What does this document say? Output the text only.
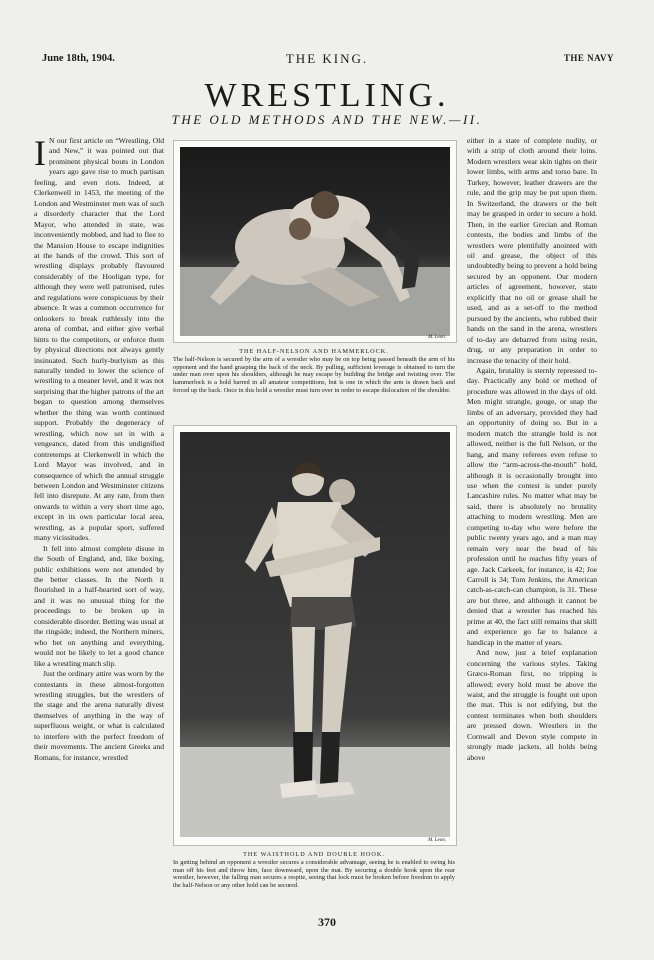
June 18th, 1904.	THE KING.	THE NAVY
WRESTLING.
THE OLD METHODS AND THE NEW.—II.

I N our first article on “Wrestling, Old and New,” it was pointed out that prominent physical bouts in London years ago gave rise to much partisan feeling, and even riots. Indeed, at Clerkenwell in 1453, the meeting of the London and Westminster men was of such a disorderly character that the Lord Mayor, who attended in state, was inconveniently mobbed, and had to flee to the Mansion House to escape indignities at the hands of the crowd. This sort of wrestling displays probably flavoured considerably of the Hooligan type, for although they were well patronised, rules and regulations were conspicuous by their absence. It was a common occurrence for onlookers to break ruthlessly into the arena of combat, and either give verbal hints to the competitors, or enforce them by physical directions not always gently insinuated. Such hurly-burlyism as this naturally tended to lower the science of wrestling to a meaner level, and it was not surprising that the higher patrons of the art began to question among themselves whether the thing was worth continued support. Probably the degeneracy of wrestling, which now set in with a vengeance, dated from this undignified contretemps at Clerkenwell in which the Lord Mayor was involved, and in consequence of which the annual struggle between London and Westminster citizens fell into disrepute. At any rate, from then onwards to within a very short time ago, except in its own particular local area, wrestling, as a popular sport, suffered many vicissitudes.

It fell into almost complete disuse in the South of England, and, like boxing, public exhibitions were not attended by the better classes. In the North it flourished in a half-hearted sort of way, and it was no unusual thing for the proceedings to be broken up in considerable disorder. Betting was usual at the ringside; indeed, the Northern miners, who bet on anything and everything, would not be likely to let a good chance like a wrestling match slip.

Just the ordinary attire was worn by the contestants in these almost-forgotten wrestling struggles, but the wrestlers of the stage and the arena naturally divest themselves of anything in the way of superfluous weight, or what is calculated to interfere with the perfect freedom of their movements. The ancient Greeks and Romans, for instance, wrestled

M. Leon.
THE HALF-NELSON AND HAMMERLOCK.
The half-Nelson is secured by the arm of a wrestler who may be on top being passed beneath the arm of his opponent and the hand grasping the back of the neck. By pulling, sufficient leverage is obtained to turn the under man over upon his shoulders, although he may escape by building the bridge and twisting over. The hammerlock is a hold barred in all amateur competitions, but is one in which the arm is drawn back and forced up the back. Once in this hold a wrestler must turn over in order to escape dislocation of the shoulder.
M. Leon.
THE WAISTHOLD AND DOUBLE HOOK.
In getting behind an opponent a wrestler secures a considerable advantage, seeing he is enabled to swing his man off his feet and throw him, face downward, upon the mat. By securing a double hook upon the rear wrestler, however, the falling man secures a respite, seeing that lock must be broken before freedom to apply the half-Nelson or any other hold can be secured.

either in a state of complete nudity, or with a strip of cloth around their loins. Modern wrestlers wear skin tights on their lower limbs, with arms and torso bare. In Turkey, however, leather drawers are the rule, and the grip may be put upon them. In Switzerland, the drawers or the belt may be grasped in order to secure a hold. Then, in the earlier Grecian and Roman contests, the bodies and limbs of the wrestlers were plentifully anointed with oil and grease, the object of this undoubtedly being to prevent a hold being secured by an opponent. Our modern articles of agreement, however, state explicitly that no oil or grease shall be used, and as a set-off to the method pursued by the ancients, who rubbed their hands on the sand in the arena, wrestlers of to-day are debarred from using resin, drug, or any preparation in order to increase the tenacity of their hold.

Again, brutality is sternly repressed to-day. Practically any hold or method of procedure was allowed in the days of old. Men might strangle, gouge, or snap the limbs of an adversary, provided they had an opportunity of doing so. But in a modern match the strangle hold is not allowed, neither is the full Nelson, or the hang, and many referees even refuse to allow the “arm-across-the-mouth” hold, although it is occasionally brought into use when the contest is under purely Lancashire rules. No matter what may be said, there is absolutely no brutality attaching to modern wrestling. Men are competing to-day who were before the public twenty years ago, and a man may remain very near the head of his profession until he reaches fifty years of age. Jack Carkeek, for instance, is 42; Joe Carroll is 34; Tom Jenkins, the American catch-as-catch-can champion, is 31. These are but three, and although it cannot be denied that a wrestler has reached his prime at 40, the fact still remains that skill and experience go far to balance a handicap in the matter of years.

And now, just a brief explanation concerning the various styles. Taking Græco-Roman first, no tripping is allowed; every hold must be above the waist, and the struggle is fought out upon the mat. This is not edifying, but the contest terminates when both shoulders are pressed down. Wrestlers in the Cornwall and Devon style compete in strongly made jackets, all holds being above

370
